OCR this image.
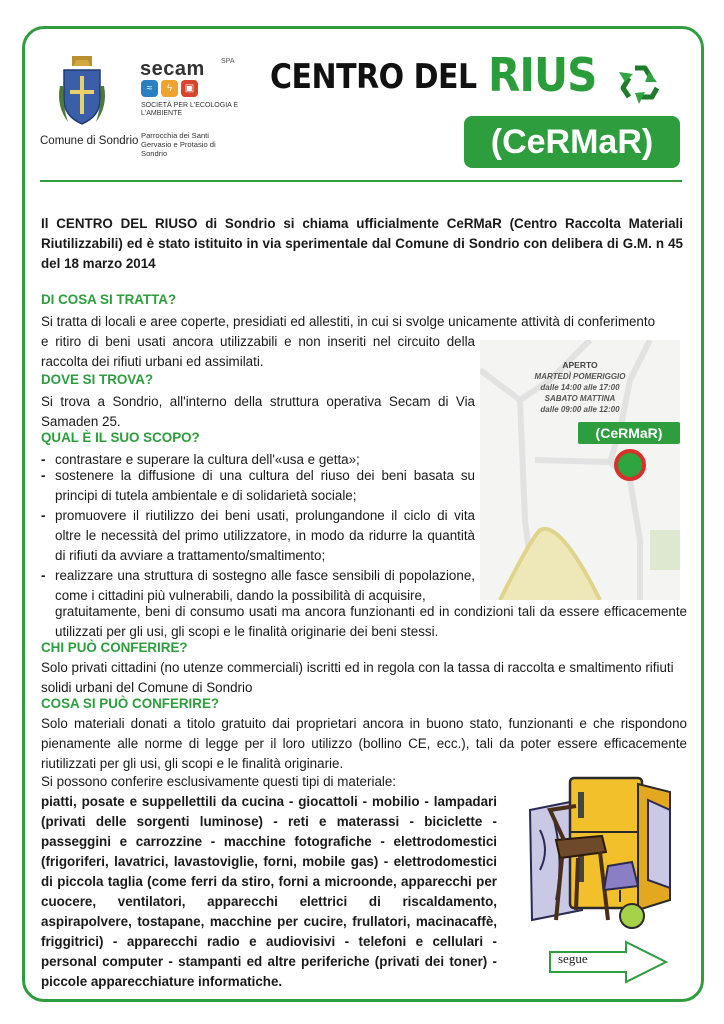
Comune di Sondrio
secam SPA
≈	ϟ	▣
SOCIETÀ PER L'ECOLOGIA E L'AMBIENTE
Parrocchia dei Santi Gervasio e Protasio di Sondrio
CENTRO DEL RIUS
(CeRMaR)
Il CENTRO DEL RIUSO di Sondrio si chiama ufficialmente CeRMaR (Centro Raccolta Materiali Riutilizzabili) ed è stato istituito in via sperimentale dal Comune di Sondrio con delibera di G.M. n 45 del 18 marzo 2014
DI COSA SI TRATTA?
Si tratta di locali e aree coperte, presidiati ed allestiti, in cui si svolge unicamente attività di conferimento
e ritiro di beni usati ancora utilizzabili e non inseriti nel circuito della raccolta dei rifiuti urbani ed assimilati.	APERTO
MARTEDÌ POMERIGGIO
dalle 14:00 alle 17:00
SABATO MATTINA
dalle 09:00 alle 12:00
(CeRMaR)
DOVE SI TROVA?
Si trova a Sondrio, all'interno della struttura operativa Secam di Via Samaden 25.
QUAL È IL SUO SCOPO?
- contrastare e superare la cultura dell'«usa e getta»;
- sostenere la diffusione di una cultura del riuso dei beni basata su principi di tutela ambientale e di solidarietà sociale;
- promuovere il riutilizzo dei beni usati, prolungandone il ciclo di vita oltre le necessità del primo utilizzatore, in modo da ridurre la quantità di rifiuti da avviare a trattamento/smaltimento;
- realizzare una struttura di sostegno alle fasce sensibili di popolazione, come i cittadini più vulnerabili, dando la possibilità di acquisire,
gratuitamente, beni di consumo usati ma ancora funzionanti ed in condizioni tali da essere efficacemente utilizzati per gli usi, gli scopi e le finalità originarie dei beni stessi.
CHI PUÒ CONFERIRE?
Solo privati cittadini (no utenze commerciali) iscritti ed in regola con la tassa di raccolta e smaltimento rifiuti solidi urbani del Comune di Sondrio
COSA SI PUÒ CONFERIRE?
Solo materiali donati a titolo gratuito dai proprietari ancora in buono stato, funzionanti e che rispondono pienamente alle norme di legge per il loro utilizzo (bollino CE, ecc.), tali da poter essere efficacemente riutilizzati per gli usi, gli scopi e le finalità originarie.
Si possono conferire esclusivamente questi tipi di materiale:
piatti, posate e suppellettili da cucina - giocattoli - mobilio - lampadari (privati delle sorgenti luminose) - reti e materassi - biciclette - passeggini e carrozzine - macchine fotografiche - elettrodomestici (frigoriferi, lavatrici, lavastoviglie, forni, mobile gas) - elettrodomestici di piccola taglia (come ferri da stiro, forni a microonde, apparecchi per cuocere, ventilatori, apparecchi elettrici di riscaldamento, aspirapolvere, tostapane, macchine per cucire, frullatori, macinacaffè, friggitrici) - apparecchi radio e audiovisivi - telefoni e cellulari - personal computer - stampanti ed altre periferiche (privati dei toner) - piccole apparecchiature informatiche.
segue
